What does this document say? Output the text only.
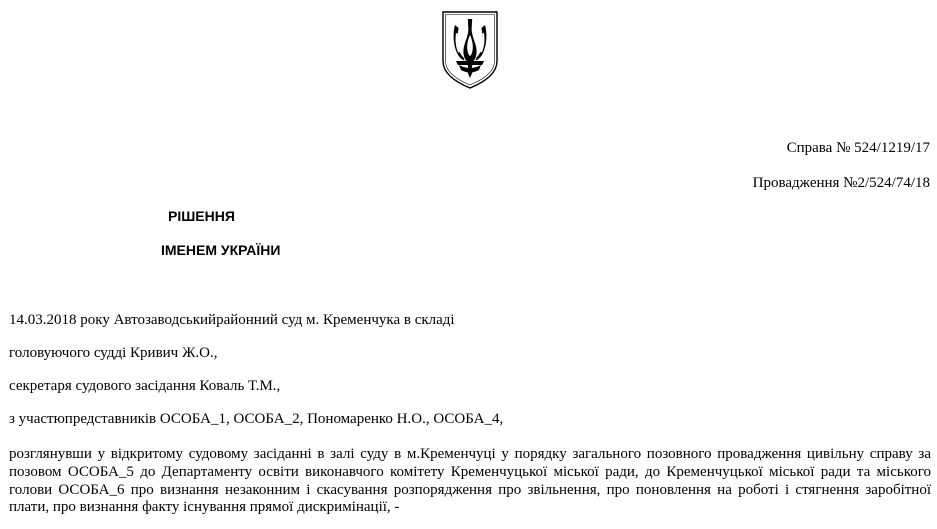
Справа № 524/1219/17
Провадження №2/524/74/18
РІШЕННЯ
ІМЕНЕМ УКРАЇНИ
14.03.2018 року Автозаводськийрайонний суд м. Кременчука в складі
головуючого судді Кривич Ж.О.,
секретаря судового засідання Коваль Т.М.,
з участюпредставників ОСОБА_1, ОСОБА_2, Пономаренко Н.О., ОСОБА_4,
розглянувши у відкритому судовому засіданні в залі суду в м.Кременчуці у порядку загального позовного провадження цивільну справу за позовом ОСОБА_5 до Департаменту освіти виконавчого комітету Кременчуцької міської ради, до Кременчуцької міської ради та міського голови ОСОБА_6 про визнання незаконним і скасування розпорядження про звільнення, про поновлення на роботі і стягнення заробітної плати, про визнання факту існування прямої дискримінації, -
